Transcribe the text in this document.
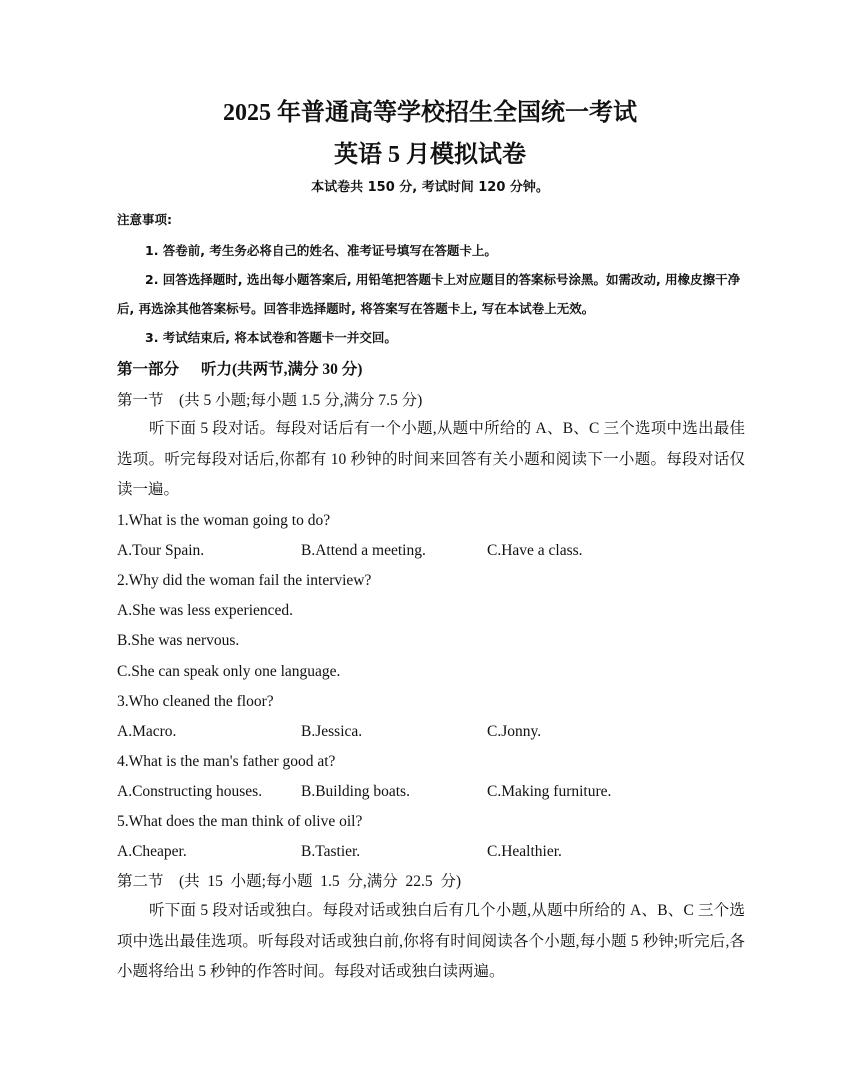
2025 年普通高等学校招生全国统一考试
英语 5 月模拟试卷
本试卷共 150 分, 考试时间 120 分钟。
注意事项:
1. 答卷前, 考生务必将自己的姓名、准考证号填写在答题卡上。
2. 回答选择题时, 选出每小题答案后, 用铅笔把答题卡上对应题目的答案标号涂黑。如需改动, 用橡皮擦干净后, 再选涂其他答案标号。回答非选择题时, 将答案写在答题卡上, 写在本试卷上无效。
3. 考试结束后, 将本试卷和答题卡一并交回。
第一部分 听力(共两节,满分 30 分)
第一节 (共 5 小题;每小题 1.5 分,满分 7.5 分)
听下面 5 段对话。每段对话后有一个小题,从题中所给的 A、B、C 三个选项中选出最佳选项。听完每段对话后,你都有 10 秒钟的时间来回答有关小题和阅读下一小题。每段对话仅读一遍。
1.What is the woman going to do?
A.Tour Spain.	B.Attend a meeting.	C.Have a class.
2.Why did the woman fail the interview?
A.She was less experienced.
B.She was nervous.
C.She can speak only one language.
3.Who cleaned the floor?
A.Macro.	B.Jessica.	C.Jonny.
4.What is the man's father good at?
A.Constructing houses.	B.Building boats.	C.Making furniture.
5.What does the man think of olive oil?
A.Cheaper.	B.Tastier.	C.Healthier.
第二节 (共  15  小题;每小题  1.5  分,满分  22.5  分)
听下面 5 段对话或独白。每段对话或独白后有几个小题,从题中所给的 A、B、C 三个选项中选出最佳选项。听每段对话或独白前,你将有时间阅读各个小题,每小题 5 秒钟;听完后,各小题将给出 5 秒钟的作答时间。每段对话或独白读两遍。
